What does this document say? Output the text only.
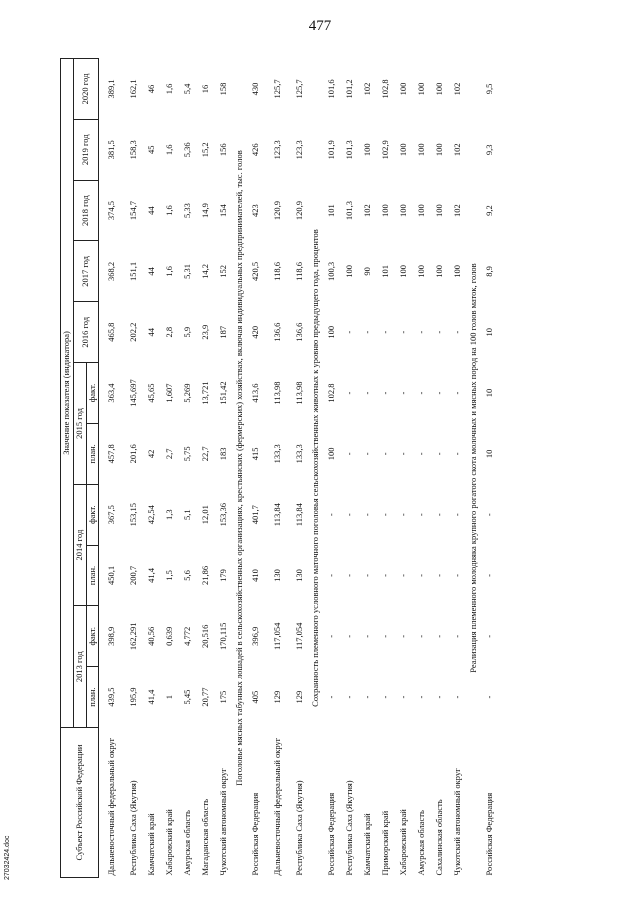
477
27032424.doc	Субъект Российской Федерации	Значение показателя (индикатора)										
	2013 год		2014 год		2015 год		2016 год	2017 год	2018 год	2019 год	2020 год
	план.	факт.	план.	факт.	план.	факт.					
Дальневосточный федеральный округ	439,5	398,9	450,1	367,5	457,8	363,4	465,8	368,2	374,5	381,5	389,1
Республика Саха (Якутия)	195,9	162,291	200,7	153,15	201,6	145,697	202,2	151,1	154,7	158,3	162,1
Камчатский край	41,4	40,56	41,4	42,54	42	45,65	44	44	44	45	46
Хабаровский край	1	0,639	1,5	1,3	2,7	1,607	2,8	1,6	1,6	1,6	1,6
Амурская область	5,45	4,772	5,6	5,1	5,75	5,269	5,9	5,31	5,33	5,36	5,4
Магаданская область	20,77	20,516	21,86	12,01	22,7	13,721	23,9	14,2	14,9	15,2	16
Чукотский автономный округ	175	170,115	179	153,36	183	151,42	187	152	154	156	158
Поголовье мясных табунных лошадей в сельскохозяйственных организациях, крестьянских (фермерских) хозяйствах, включая индивидуальных предпринимателей, тыс. голов											
Российская Федерация	405	396,9	410	401,7	415	413,6	420	420,5	423	426	430
Дальневосточный федеральный округ	129	117,054	130	113,84	133,3	113,98	136,6	118,6	120,9	123,3	125,7
Республика Саха (Якутия)	129	117,054	130	113,84	133,3	113,98	136,6	118,6	120,9	123,3	125,7
Сохранность племенного условного маточного поголовья сельскохозяйственных животных к уровню предыдущего года, процентов											
Российская Федерация	-	-	-	-	100	102,8	100	100,3	101	101,9	101,6
Республика Саха (Якутия)	-	-	-	-	-	-	-	100	101,3	101,3	101,2
Камчатский край	-	-	-	-	-	-	-	90	102	100	102
Приморский край	-	-	-	-	-	-	-	101	100	102,9	102,8
Хабаровский край	-	-	-	-	-	-	-	100	100	100	100
Амурская область	-	-	-	-	-	-	-	100	100	100	100
Сахалинская область	-	-	-	-	-	-	-	100	100	100	100
Чукотский автономный округ	-	-	-	-	-	-	-	100	102	102	102
Реализация племенного молодняка крупного рогатого скота молочных и мясных пород на 100 голов маток, голов											
Российская Федерация	-	-	-	-	10	10	10	8,9	9,2	9,3	9,5
